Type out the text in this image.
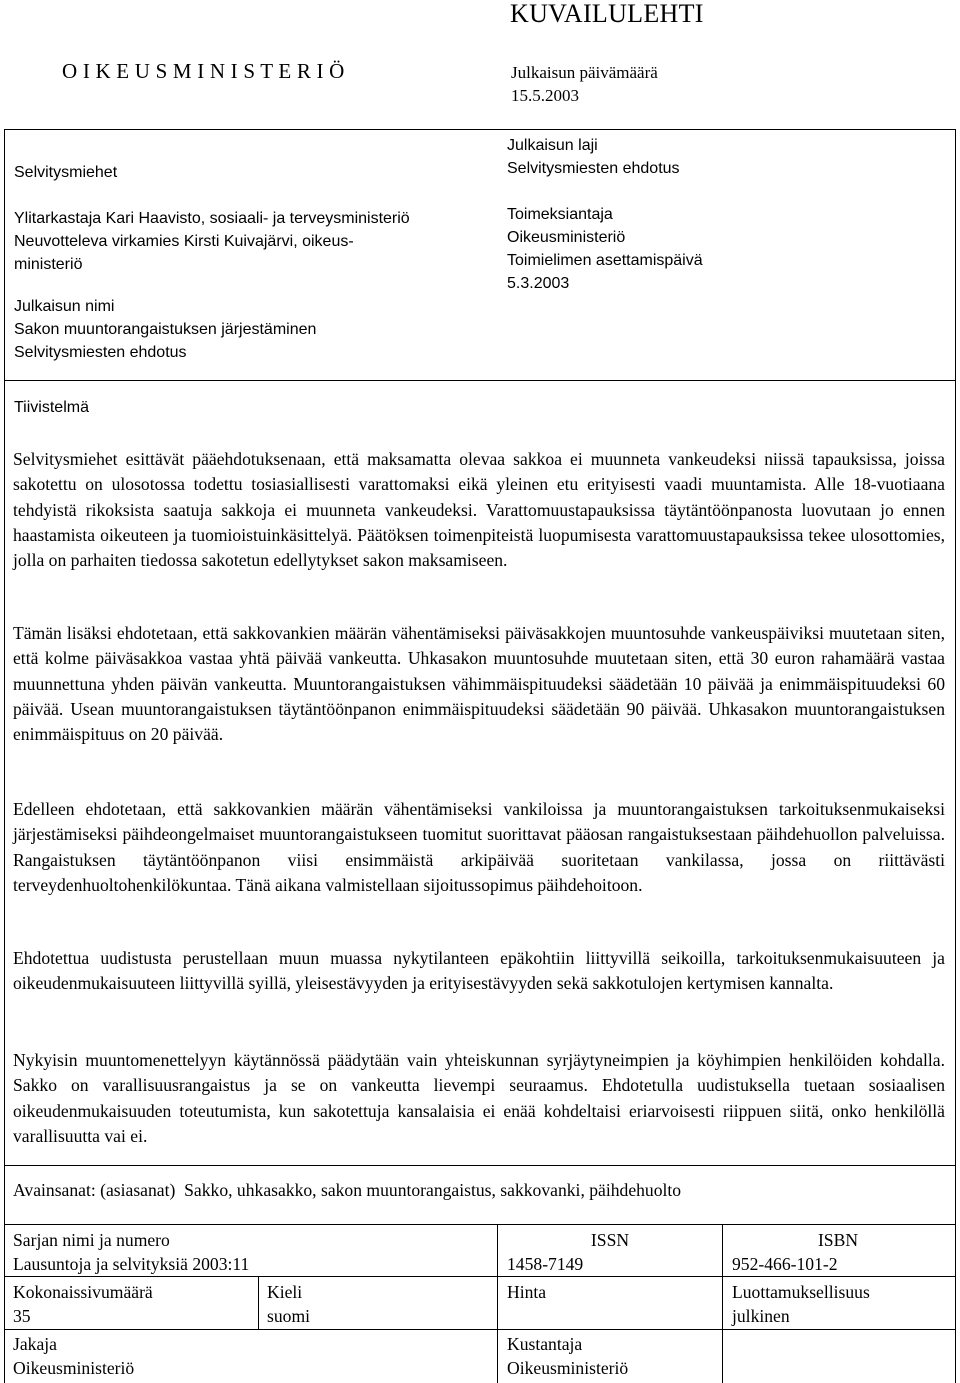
KUVAILULEHTI
O I K E U S M I N I S T E R I Ö	Julkaisun päivämäärä
15.5.2003
Selvitysmiehet
Ylitarkastaja Kari Haavisto, sosiaali- ja terveysministeriö
Neuvotteleva virkamies Kirsti Kuivajärvi, oikeus-
ministeriö
Julkaisun nimi
Sakon muuntorangaistuksen järjestäminen
Selvitysmiesten ehdotus
Julkaisun laji
Selvitysmiesten ehdotus
Toimeksiantaja
Oikeusministeriö
Toimielimen asettamispäivä
5.3.2003
Tiivistelmä
Selvitysmiehet esittävät pääehdotuksenaan, että maksamatta olevaa sakkoa ei muunneta vankeudeksi niissä tapauksissa, joissa sakotettu on ulosotossa todettu tosiasiallisesti varattomaksi eikä yleinen etu erityisesti vaadi muuntamista. Alle 18-vuotiaana tehdyistä rikoksista saatuja sakkoja ei muunneta vankeudeksi. Varattomuustapauksissa täytäntöönpanosta luovutaan jo ennen haastamista oikeuteen ja tuomioistuinkäsittelyä. Päätöksen toimenpiteistä luopumisesta varattomuustapauksissa tekee ulosottomies, jolla on parhaiten tiedossa sakotetun edellytykset sakon maksamiseen.
Tämän lisäksi ehdotetaan, että sakkovankien määrän vähentämiseksi päiväsakkojen muuntosuhde vankeuspäiviksi muutetaan siten, että kolme päiväsakkoa vastaa yhtä päivää vankeutta. Uhkasakon muuntosuhde muutetaan siten, että 30 euron rahamäärä vastaa muunnettuna yhden päivän vankeutta. Muuntorangaistuksen vähimmäispituudeksi säädetään 10 päivää ja enimmäispituudeksi 60 päivää. Usean muuntorangaistuksen täytäntöönpanon enimmäispituudeksi säädetään 90 päivää. Uhkasakon muuntorangaistuksen enimmäispituus on 20 päivää.
Edelleen ehdotetaan, että sakkovankien määrän vähentämiseksi vankiloissa ja muuntorangaistuksen tarkoituksenmukaiseksi järjestämiseksi päihdeongelmaiset muuntorangaistukseen tuomitut suorittavat pääosan rangaistuksestaan päihdehuollon palveluissa. Rangaistuksen täytäntöönpanon viisi ensimmäistä arkipäivää suoritetaan vankilassa, jossa on riittävästi terveydenhuoltohenkilökuntaa. Tänä aikana valmistellaan sijoitussopimus päihdehoitoon.
Ehdotettua uudistusta perustellaan muun muassa nykytilanteen epäkohtiin liittyvillä seikoilla, tarkoituksenmukaisuuteen ja oikeudenmukaisuuteen liittyvillä syillä, yleisestävyyden ja erityisestävyyden sekä sakkotulojen kertymisen kannalta.
Nykyisin muuntomenettelyyn käytännössä päädytään vain yhteiskunnan syrjäytyneimpien ja köyhimpien henkilöiden kohdalla. Sakko on varallisuusrangaistus ja se on vankeutta lievempi seuraamus. Ehdotetulla uudistuksella tuetaan sosiaalisen oikeudenmukaisuuden toteutumista, kun sakotettuja kansalaisia ei enää kohdeltaisi eriarvoisesti riippuen siitä, onko henkilöllä varallisuutta vai ei.
Avainsanat: (asiasanat)  Sakko, uhkasakko, sakon muuntorangaistus, sakkovanki, päihdehuolto
Sarjan nimi ja numero
Lausuntoja ja selvityksiä 2003:11
ISSN
1458-7149
ISBN
952-466-101-2
Kokonaissivumäärä
35
Kieli
suomi
Hinta	Luottamuksellisuus
julkinen
Jakaja
Oikeusministeriö
Kustantaja
Oikeusministeriö
